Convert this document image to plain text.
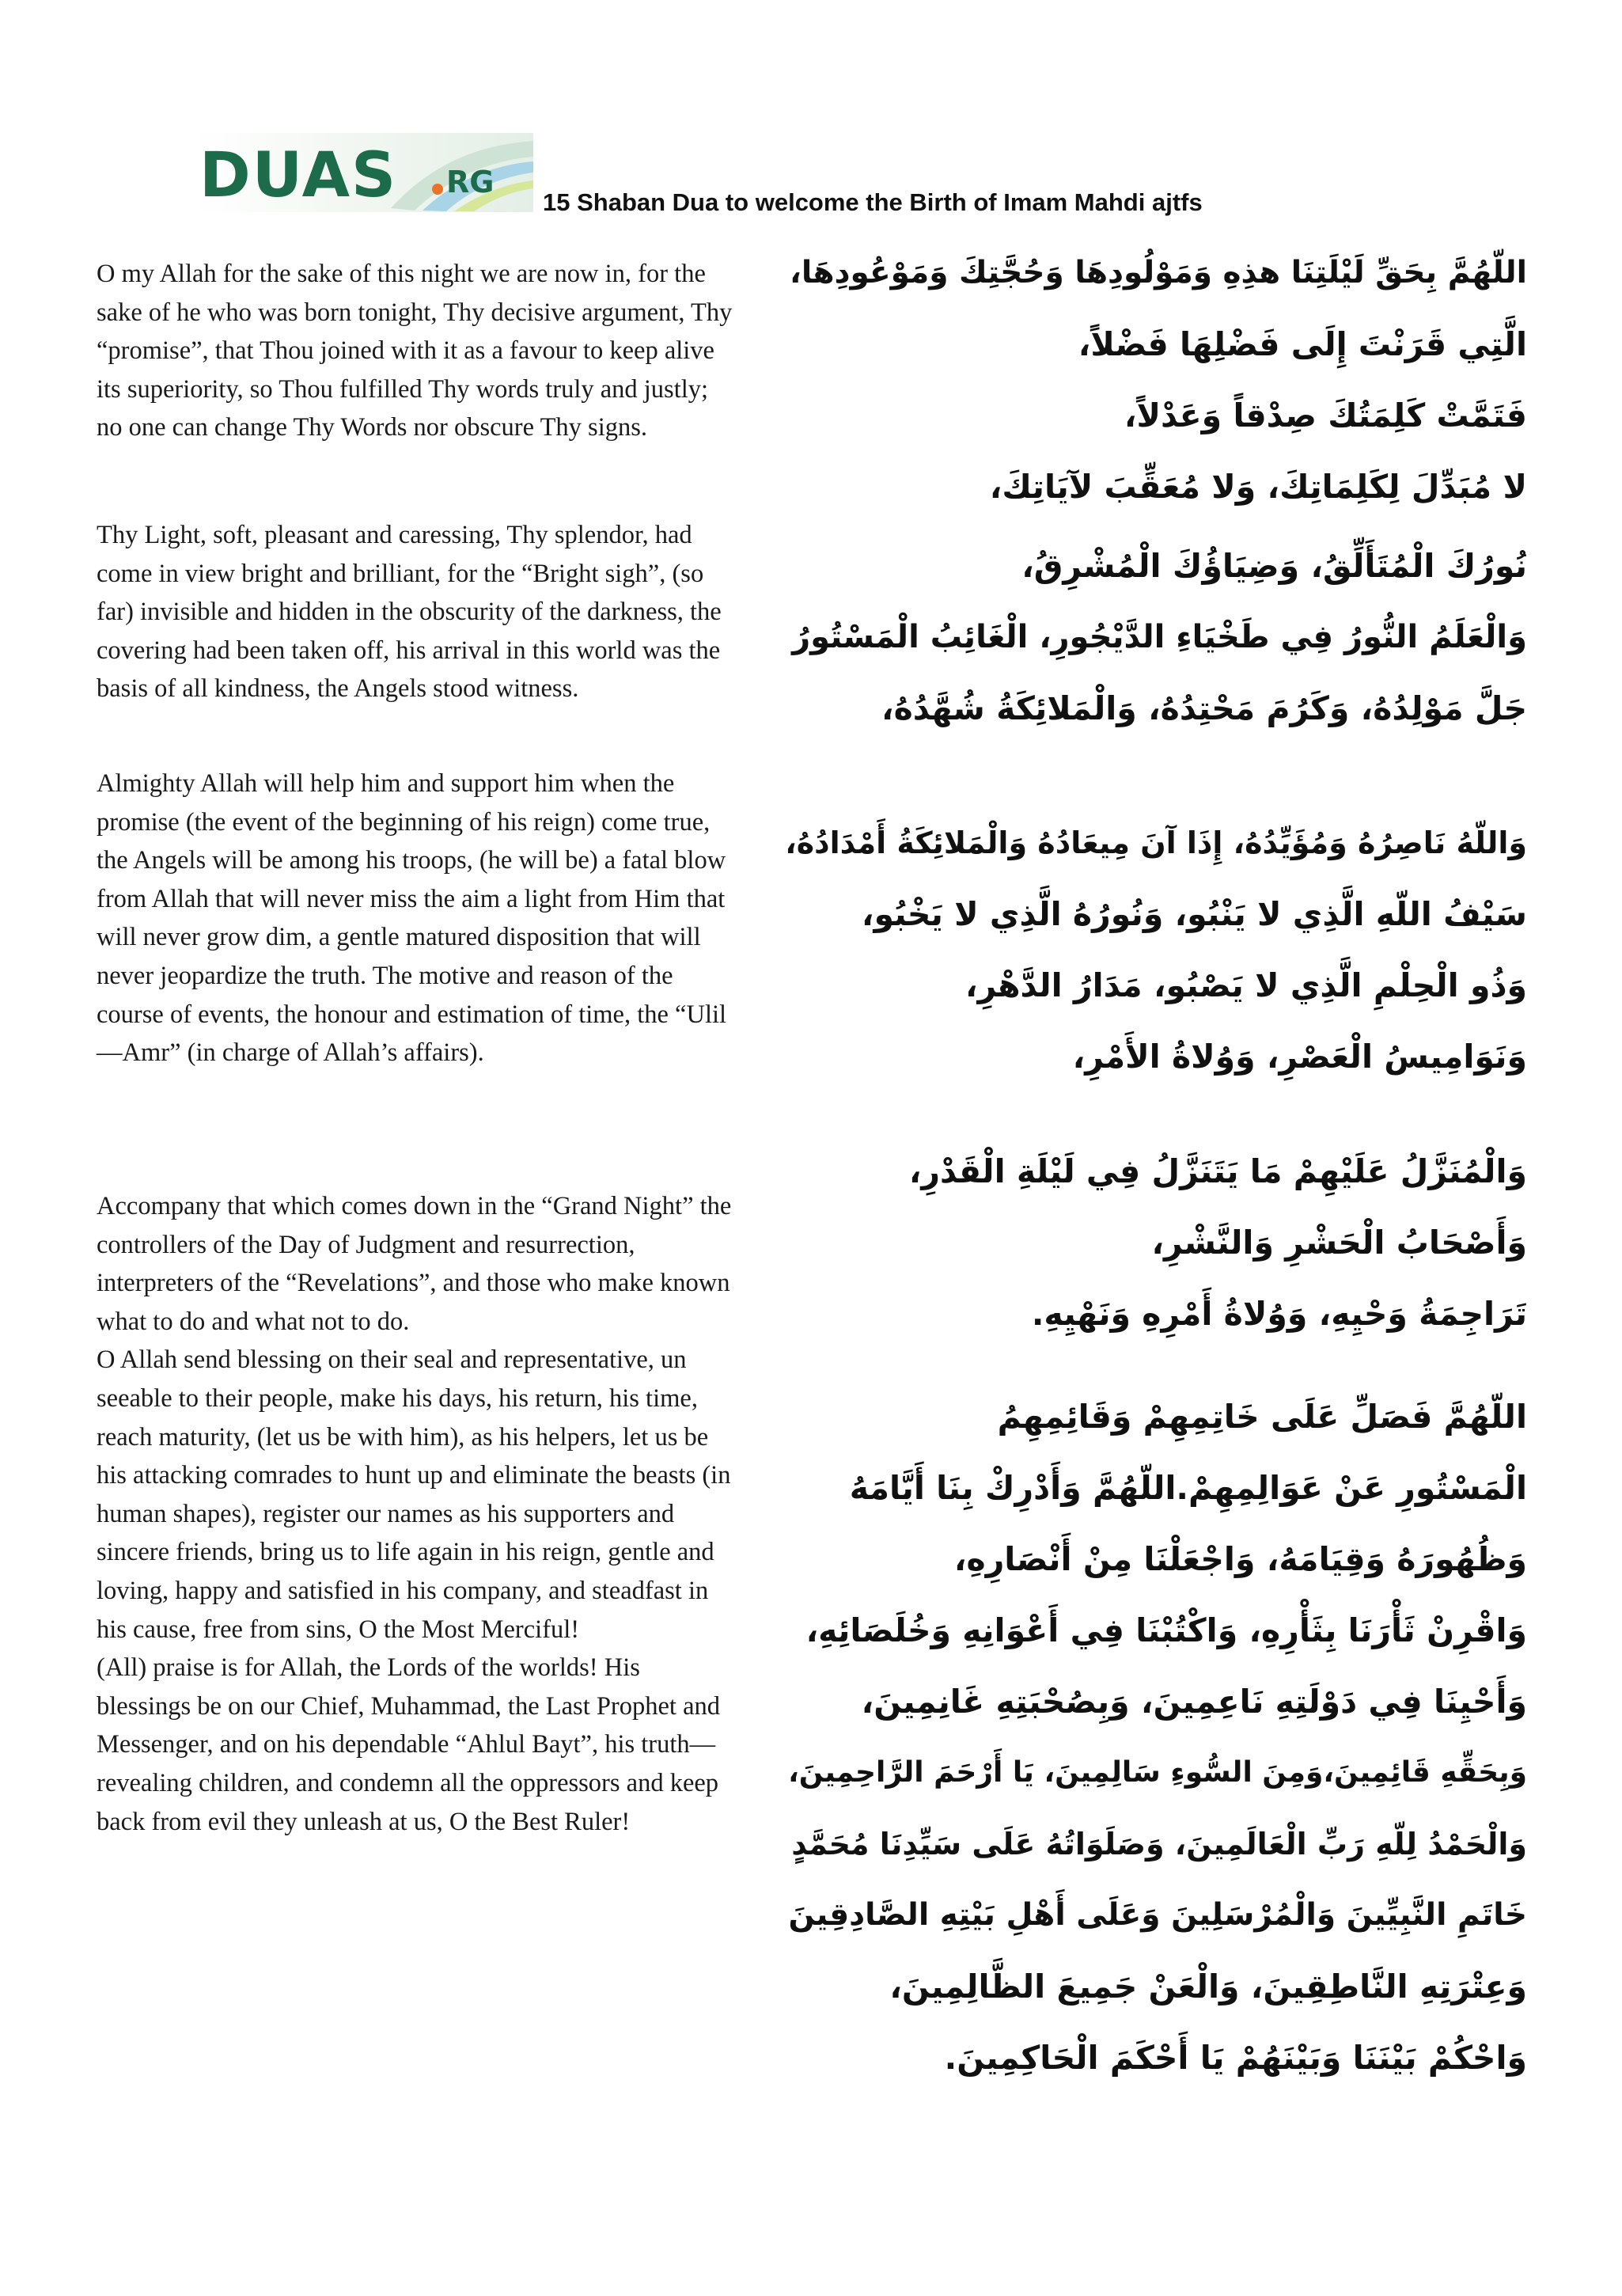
DUAS RG
15 Shaban Dua to welcome the Birth of Imam Mahdi ajtfs

O my Allah for the sake of this night we are now in, for the sake of he who was born tonight, Thy decisive argument, Thy “promise”, that Thou joined with it as a favour to keep alive its superiority, so Thou fulfilled Thy words truly and justly; no one can change Thy Words nor obscure Thy signs.

Thy Light, soft, pleasant and caressing, Thy splendor, had come in view bright and brilliant, for the “Bright sigh”, (so far) invisible and hidden in the obscurity of the darkness, the covering had been taken off, his arrival in this world was the basis of all kindness, the Angels stood witness.

Almighty Allah will help him and support him when the promise (the event of the beginning of his reign) come true, the Angels will be among his troops, (he will be) a fatal blow from Allah that will never miss the aim a light from Him that will never grow dim, a gentle matured disposition that will never jeopardize the truth. The motive and reason of the course of events, the honour and estimation of time, the “Ulil—Amr” (in charge of Allah’s affairs).

Accompany that which comes down in the “Grand Night” the controllers of the Day of Judgment and resurrection, interpreters of the “Revelations”, and those who make known what to do and what not to do.
O Allah send blessing on their seal and representative, un seeable to their people, make his days, his return, his time, reach maturity, (let us be with him), as his helpers, let us be his attacking comrades to hunt up and eliminate the beasts (in human shapes), register our names as his supporters and sincere friends, bring us to life again in his reign, gentle and loving, happy and satisfied in his company, and steadfast in his cause, free from sins, O the Most Merciful!
(All) praise is for Allah, the Lords of the worlds! His blessings be on our Chief, Muhammad, the Last Prophet and Messenger, and on his dependable “Ahlul Bayt”, his truth—revealing children, and condemn all the oppressors and keep back from evil they unleash at us, O the Best Ruler!

اللّهُمَّ بِحَقِّ لَيْلَتِنَا هذِهِ وَمَوْلُودِهَا وَحُجَّتِكَ وَمَوْعُودِهَا،
الَّتِي قَرَنْتَ إِلَى فَضْلِهَا فَضْلاً،
فَتَمَّتْ كَلِمَتُكَ صِدْقاً وَعَدْلاً،
لا مُبَدِّلَ لِكَلِمَاتِكَ، وَلا مُعَقِّبَ لآيَاتِكَ،
نُورُكَ الْمُتَأَلِّقُ، وَضِيَاؤُكَ الْمُشْرِقُ،
وَالْعَلَمُ النُّورُ فِي طَخْيَاءِ الدَّيْجُورِ، الْغَائِبُ الْمَسْتُورُ
جَلَّ مَوْلِدُهُ، وَكَرُمَ مَحْتِدُهُ، وَالْمَلائِكَةُ شُهَّدُهُ،
وَاللّهُ نَاصِرُهُ وَمُؤَيِّدُهُ، إِذَا آنَ مِيعَادُهُ وَالْمَلائِكَةُ أَمْدَادُهُ،
سَيْفُ اللّهِ الَّذِي لا يَنْبُو، وَنُورُهُ الَّذِي لا يَخْبُو،
وَذُو الْحِلْمِ الَّذِي لا يَصْبُو، مَدَارُ الدَّهْرِ،
وَنَوَامِيسُ الْعَصْرِ، وَوُلاةُ الأَمْرِ،
وَالْمُنَزَّلُ عَلَيْهِمْ مَا يَتَنَزَّلُ فِي لَيْلَةِ الْقَدْرِ،
وَأَصْحَابُ الْحَشْرِ وَالنَّشْرِ،
تَرَاجِمَةُ وَحْيِهِ، وَوُلاةُ أَمْرِهِ وَنَهْيِهِ.
اللّهُمَّ فَصَلِّ عَلَى خَاتِمِهِمْ وَقَائِمِهِمُ
الْمَسْتُورِ عَنْ عَوَالِمِهِمْ.اللّهُمَّ وَأَدْرِكْ بِنَا أَيَّامَهُ
وَظُهُورَهُ وَقِيَامَهُ، وَاجْعَلْنَا مِنْ أَنْصَارِهِ،
وَاقْرِنْ ثَأْرَنَا بِثَأْرِهِ، وَاكْتُبْنَا فِي أَعْوَانِهِ وَخُلَصَائِهِ،
وَأَحْيِنَا فِي دَوْلَتِهِ نَاعِمِينَ، وَبِصُحْبَتِهِ غَانِمِينَ،
وَبِحَقِّهِ قَائِمِينَ،وَمِنَ السُّوءِ سَالِمِينَ، يَا أَرْحَمَ الرَّاحِمِينَ،
وَالْحَمْدُ لِلّهِ رَبِّ الْعَالَمِينَ، وَصَلَوَاتُهُ عَلَى سَيِّدِنَا مُحَمَّدٍ
خَاتَمِ النَّبِيِّينَ وَالْمُرْسَلِينَ وَعَلَى أَهْلِ بَيْتِهِ الصَّادِقِينَ
وَعِتْرَتِهِ النَّاطِقِينَ، وَالْعَنْ جَمِيعَ الظَّالِمِينَ،
وَاحْكُمْ بَيْنَنَا وَبَيْنَهُمْ يَا أَحْكَمَ الْحَاكِمِينَ.
